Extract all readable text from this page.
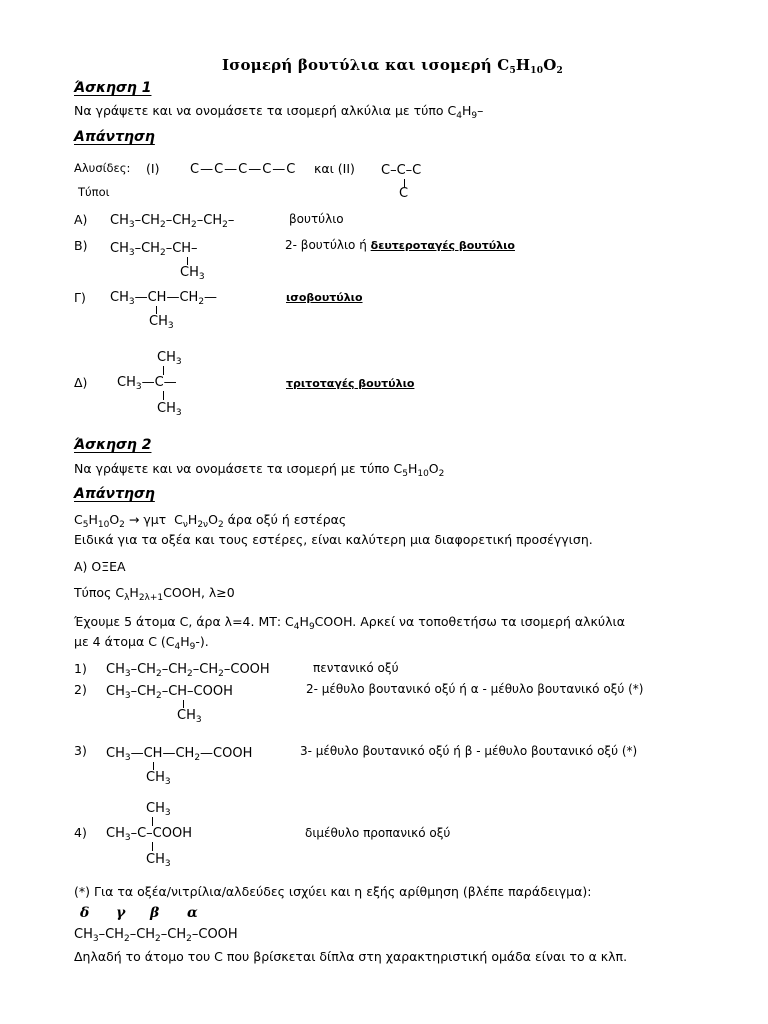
Ισομερή βουτύλια και ισομερή $C_5H_{10}O_2$
Άσκηση 1
Να γράψετε και να ονομάσετε τα ισομερή αλκύλια με τύπο $C_4H_9-$
Απάντηση
Αλυσίδες: (I) C—C—C—C—C και (II) C–C–C
C
Τύποι
Α) $CH_3-CH_2-CH_2-CH_2-$	βουτύλιο
Β) $CH_3-CH_2-CH-$
$CH_3$
2- βουτύλιο ή δευτεροταγές βουτύλιο
Γ) $CH_3—CH—CH_2—$
$CH_3$
ισοβουτύλιο
$CH_3$
Δ) $CH_3—C—$
$CH_3$
τριτοταγές βουτύλιο
Άσκηση 2
Να γράψετε και να ονομάσετε τα ισομερή με τύπο $C_5H_{10}O_2$
Απάντηση
$C_5H_{10}O_2 \to \gamma\mu\tau$  $C_\nu H_{2\nu}O_2$ άρα οξύ ή εστέρας
Ειδικά για τα οξέα και τους εστέρες, είναι καλύτερη μια διαφορετική προσέγγιση.
Α) ΟΞΕΑ
Τύπος $C_\lambda H_{2\lambda+1}COOH$, λ≥0
Έχουμε 5 άτομα C, άρα λ=4. ΜΤ: $C_4H_9COOH$. Αρκεί να τοποθετήσω τα ισομερή αλκύλια
με 4 άτομα C $(C_4H_9-)$.
1) $CH_3-CH_2-CH_2-CH_2$–COOH	πεντανικό οξύ
2) $CH_3-CH_2-CH$–COOH
$CH_3$
2- μέθυλο βουτανικό οξύ ή α - μέθυλο βουτανικό οξύ (*)
3) $CH_3—CH—CH_2—COOH$
$CH_3$
3- μέθυλο βουτανικό οξύ ή β - μέθυλο βουτανικό οξύ (*)
$CH_3$
4) $CH_3-C$–COOH
$CH_3$
διμέθυλο προπανικό οξύ
(*) Για τα οξέα/νιτρίλια/αλδεύδες ισχύει και η εξής αρίθμηση (βλέπε παράδειγμα):
δ γ β α
$CH_3-CH_2-CH_2-CH_2$–COOH
Δηλαδή το άτομο του C που βρίσκεται δίπλα στη χαρακτηριστική ομάδα είναι το α κλπ.
